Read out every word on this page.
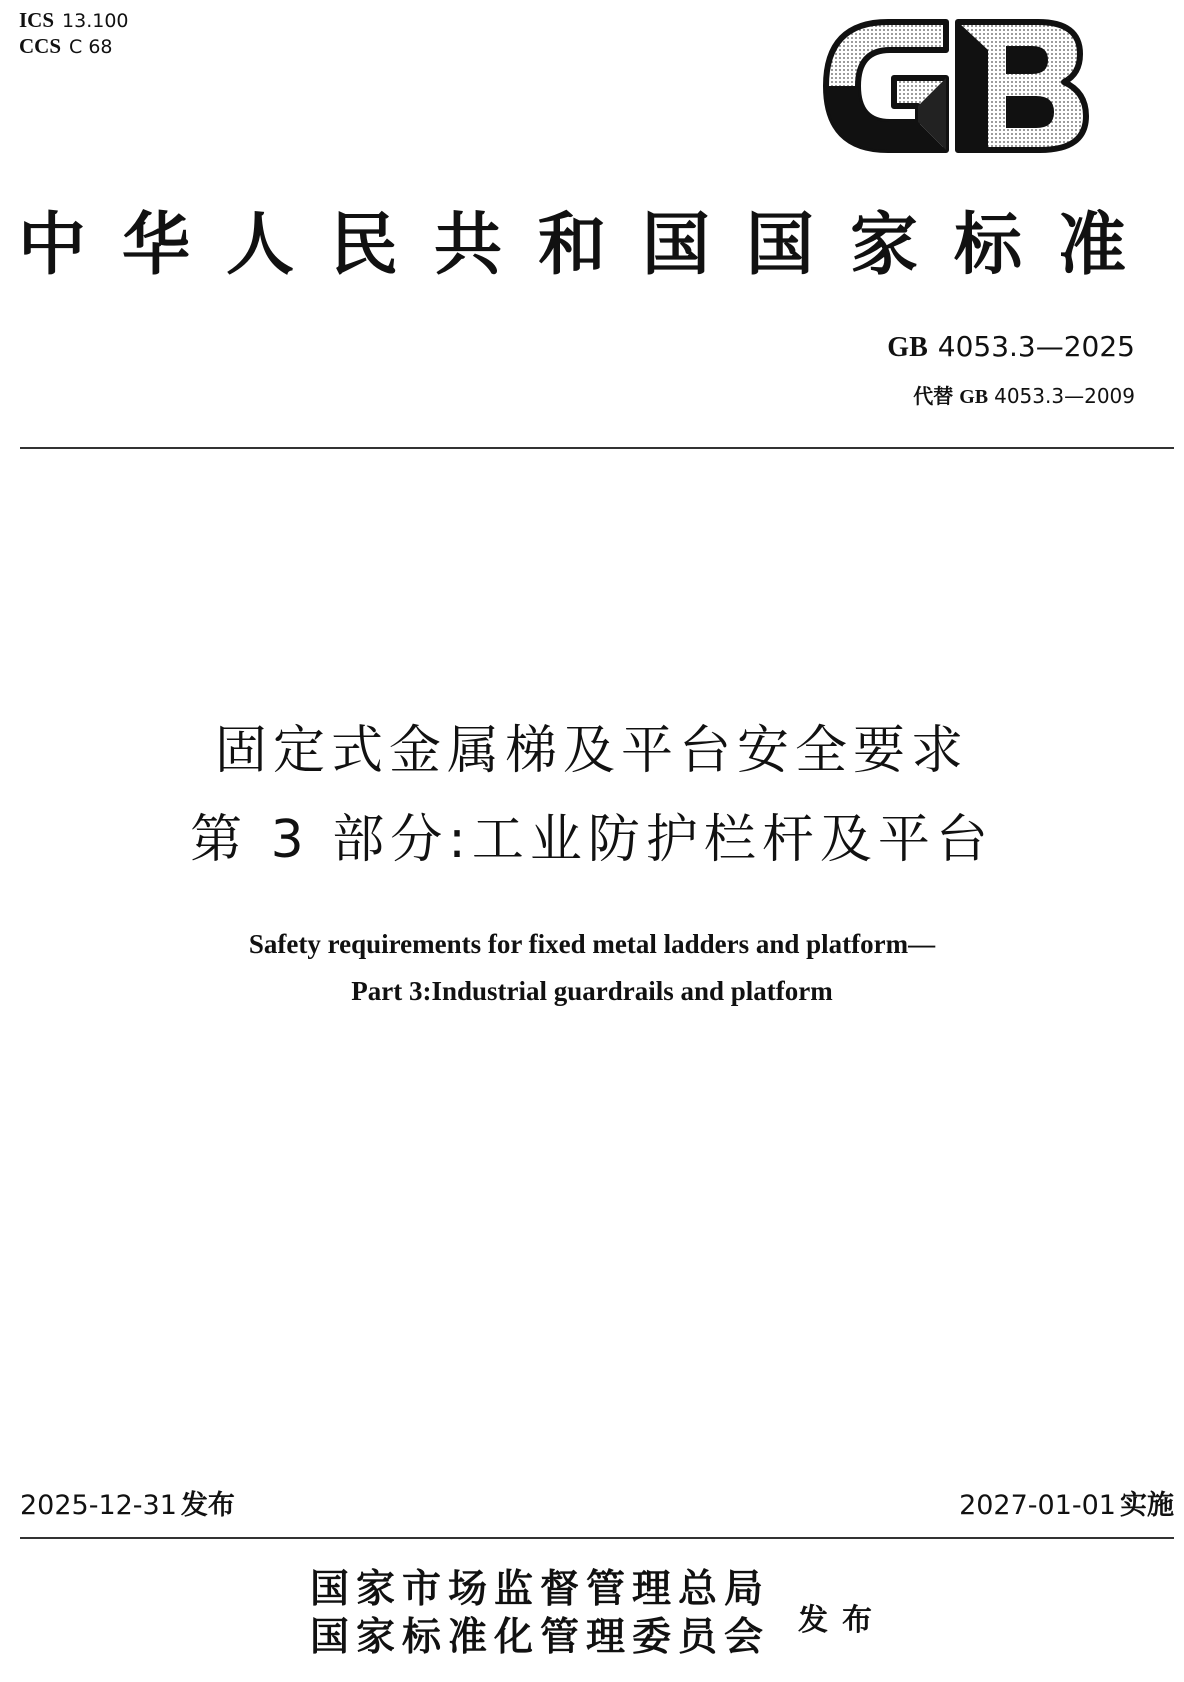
ICS 13.100
CCS C 68
中华人民共和国国家标准
GB 4053.3—2025
代替 GB 4053.3—2009
固定式金属梯及平台安全要求
第 3 部分:工业防护栏杆及平台
Safety requirements for fixed metal ladders and platform—
Part 3:Industrial guardrails and platform
2025-12-31 发布	2027-01-01 实施
国家市场监督管理总局
国家标准化管理委员会 发布
